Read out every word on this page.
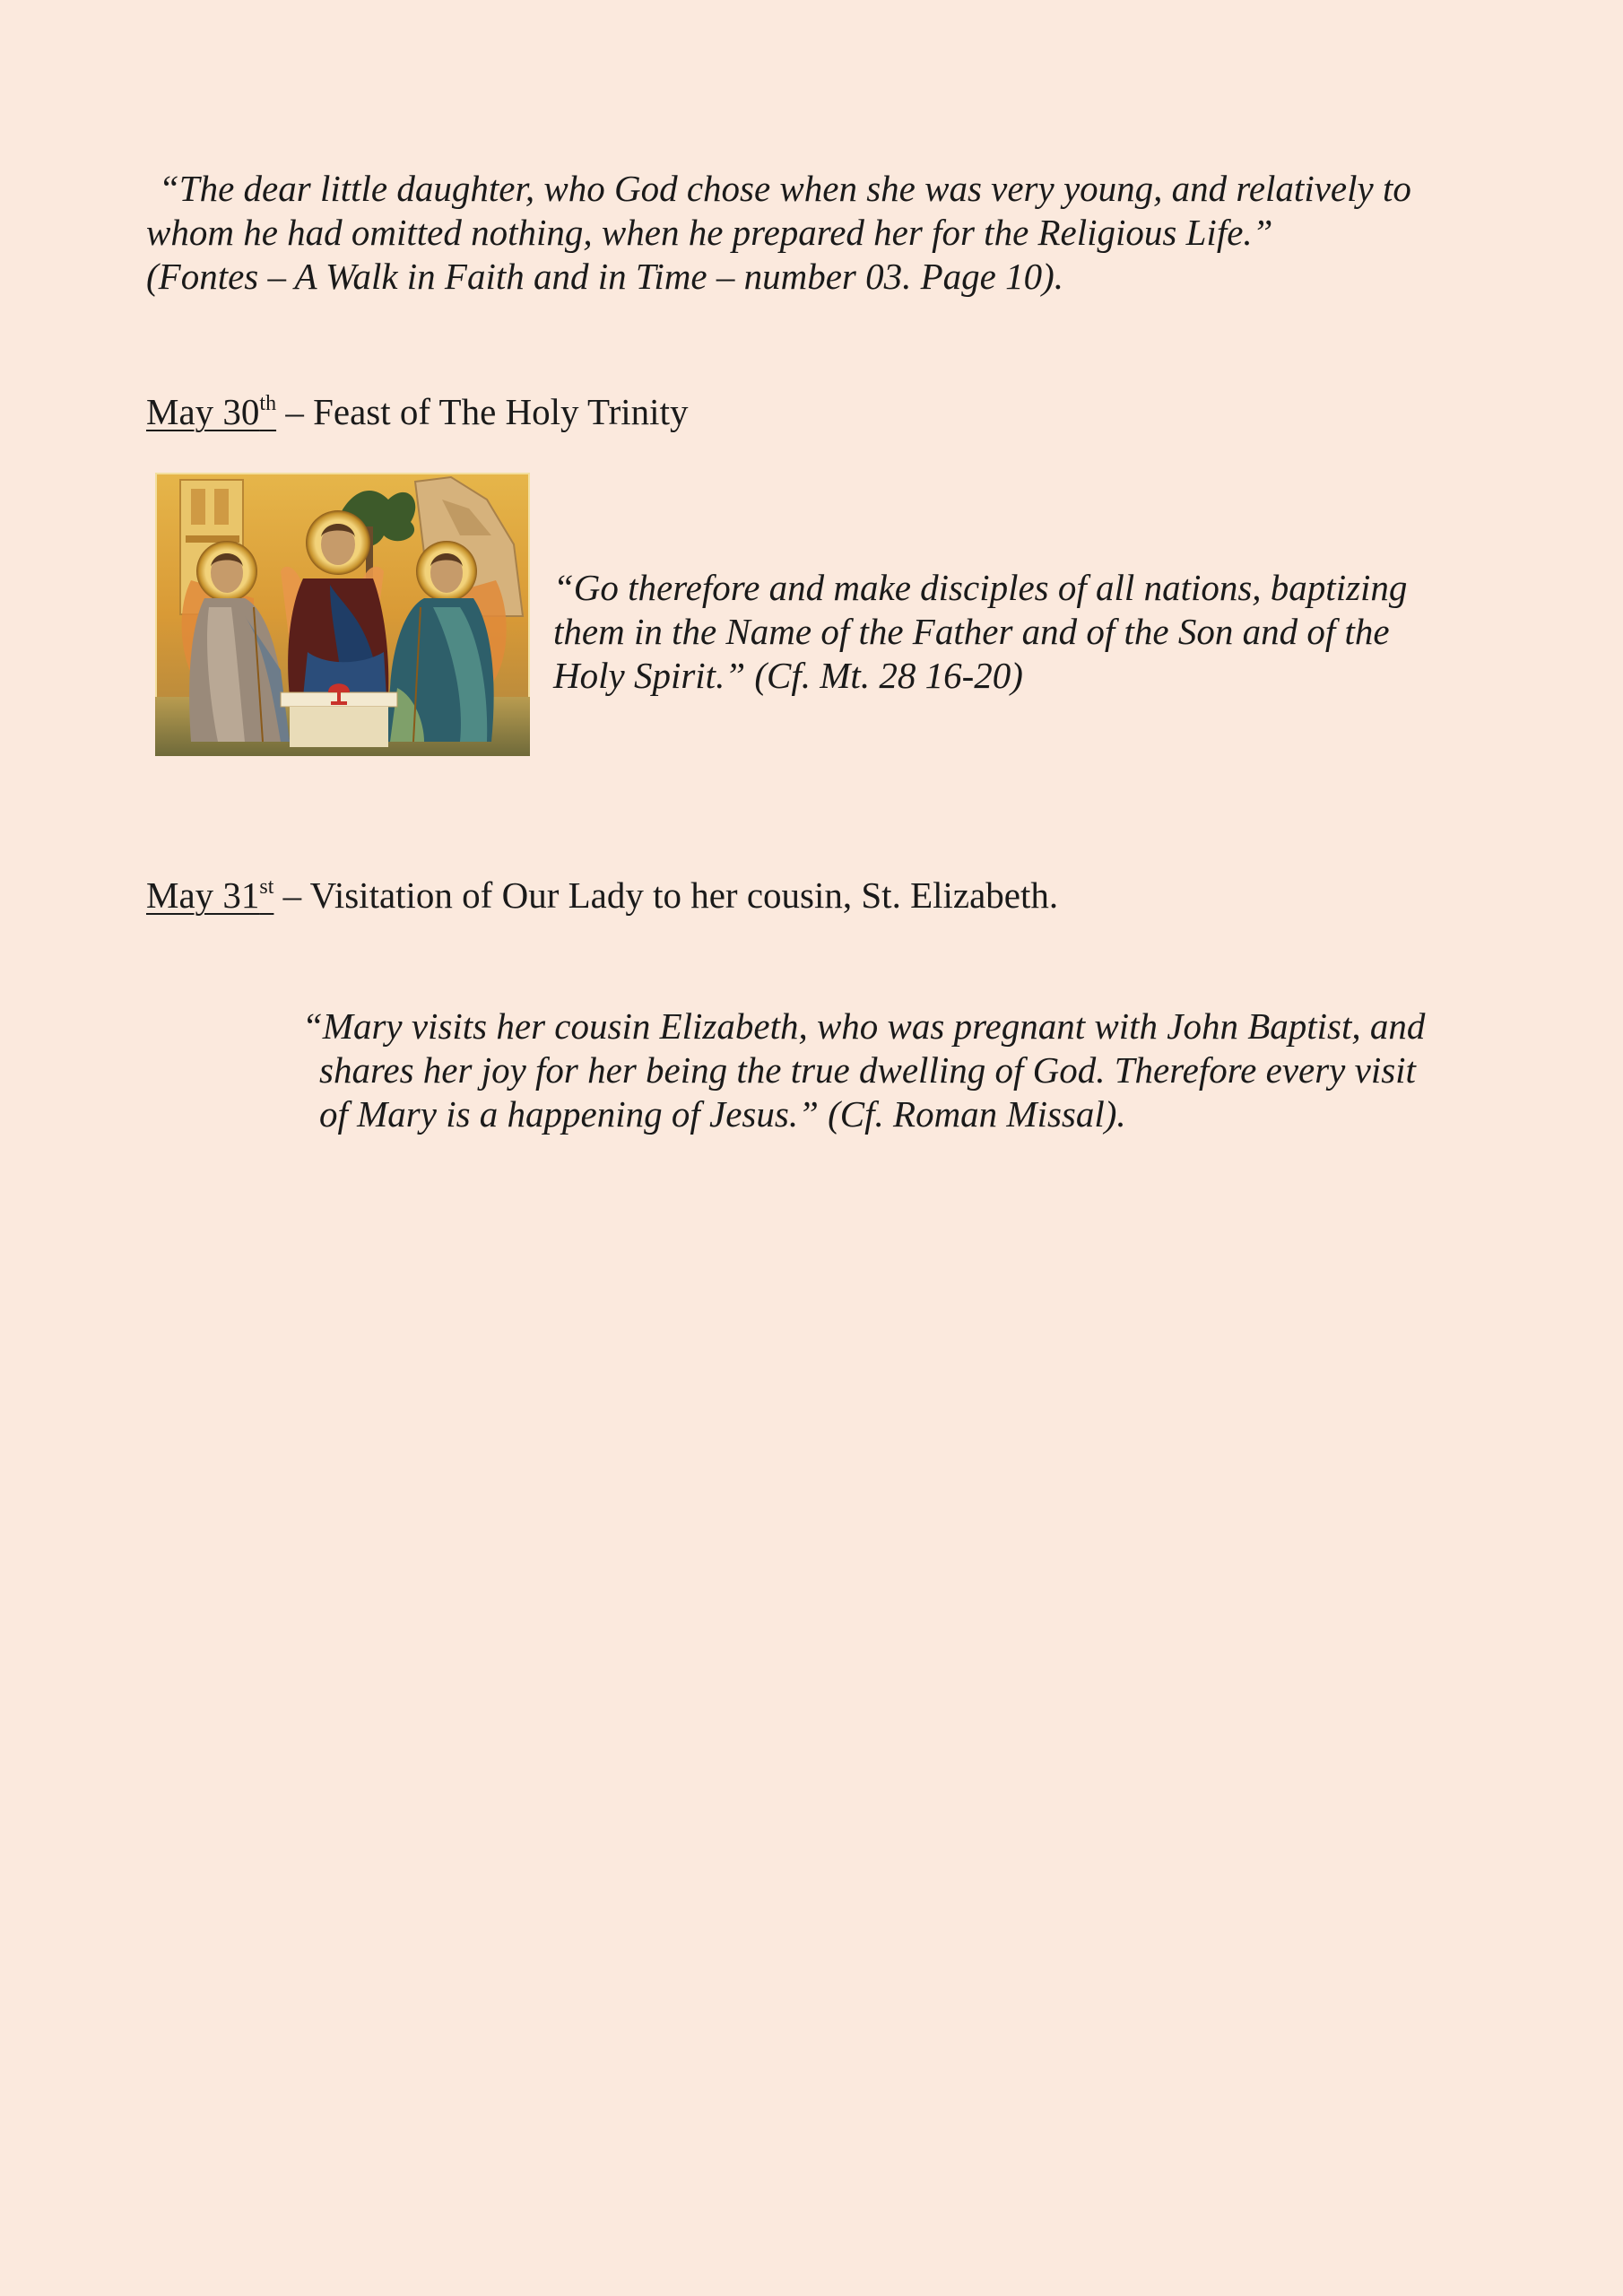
“The dear little daughter, who God chose when she was very young, and relatively to
whom he had omitted nothing, when he prepared her for the Religious Life.”
(Fontes – A Walk in Faith and in Time – number 03. Page 10).
May 30th – Feast of The Holy Trinity
“Go therefore and make disciples of all nations, baptizing
them in the Name of the Father and of the Son and of the
Holy Spirit.” (Cf. Mt. 28 16-20)
May 31st – Visitation of Our Lady to her cousin, St. Elizabeth.
“Mary visits her cousin Elizabeth, who was pregnant with John Baptist, and
shares her joy for her being the true dwelling of God. Therefore every visit
of Mary is a happening of Jesus.” (Cf. Roman Missal).
